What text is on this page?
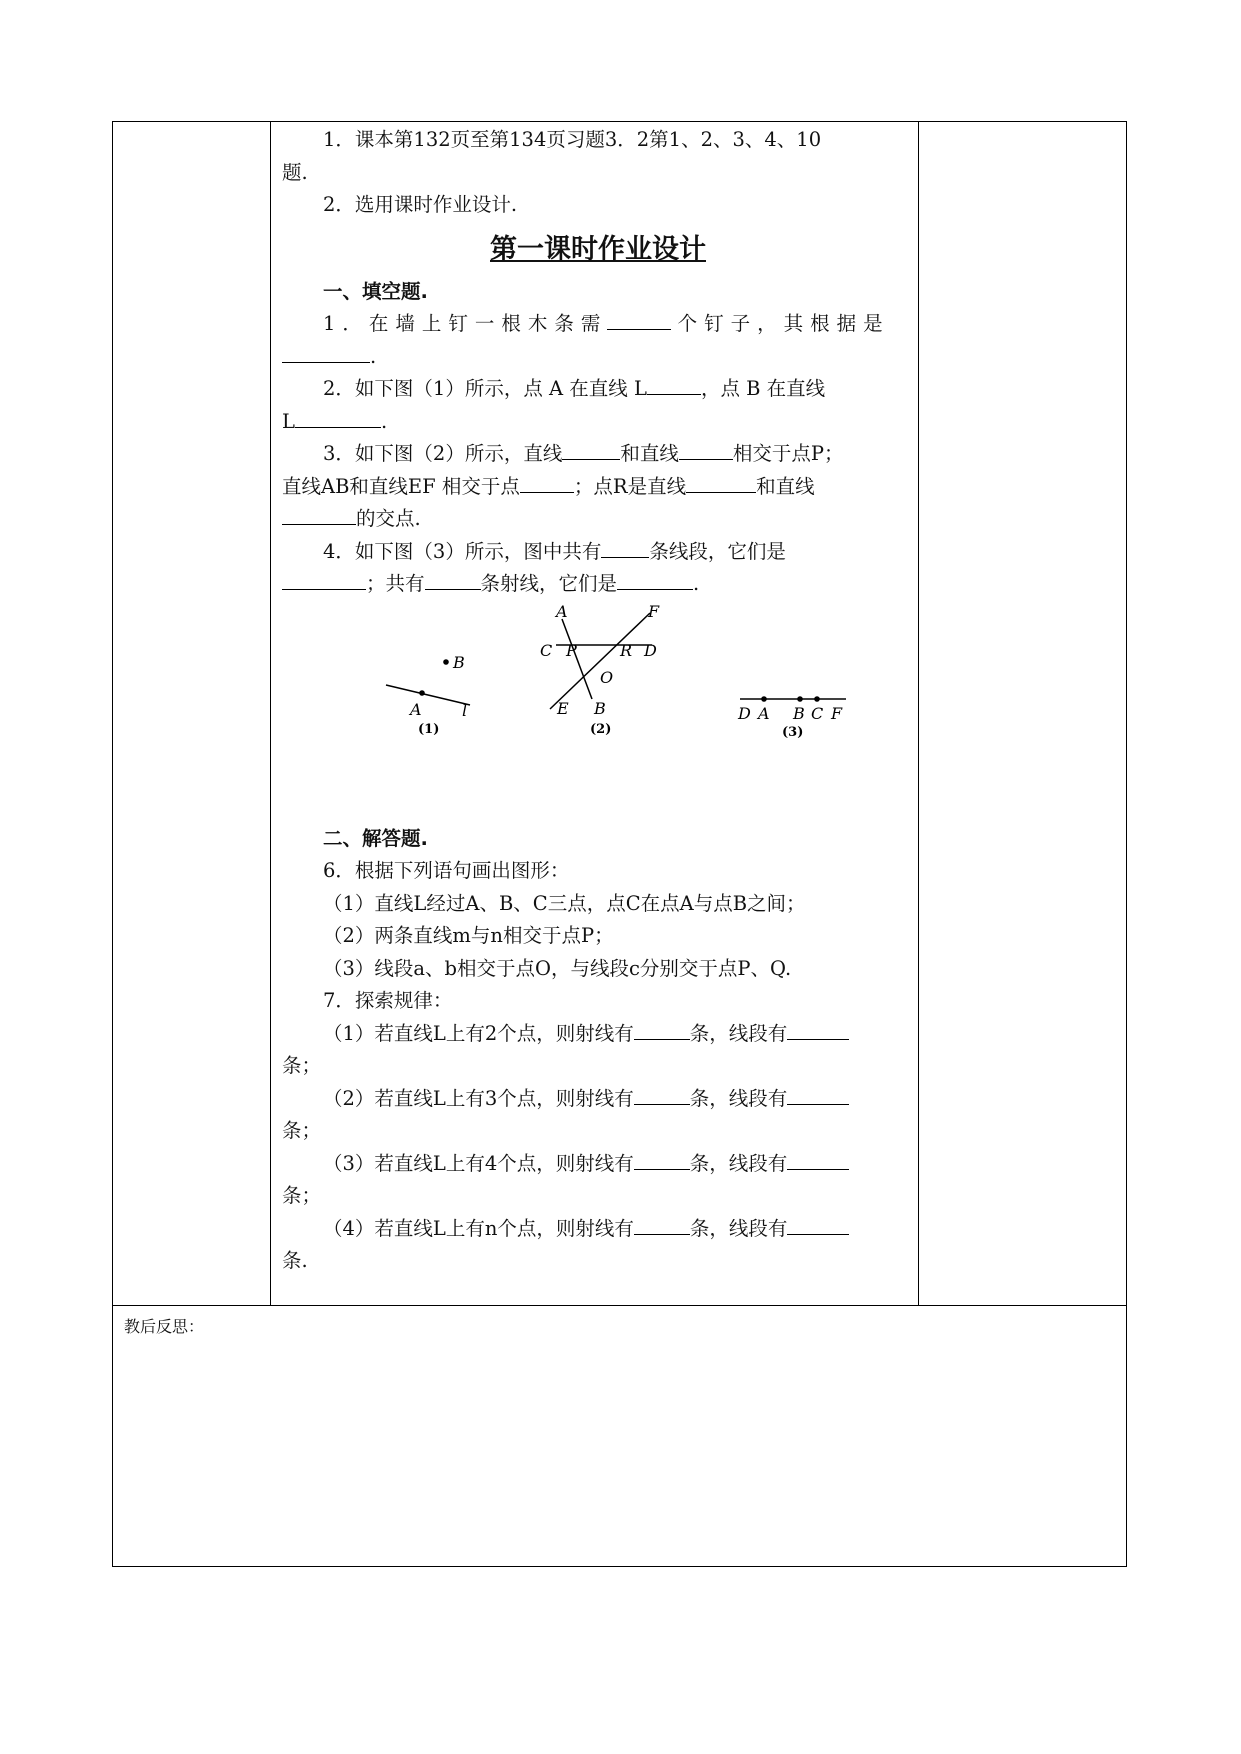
1．课本第132页至第134页习题3．2第1、2、3、4、10

题.

2．选用课时作业设计.

第一课时作业设计

一、填空题.

1．在墙上钉一根木条需	个钉子，其根据是

.

2．如下图（1）所示，点 A 在直线 L	，点 B 在直线

L	.

3．如下图（2）所示，直线	和直线	相交于点P；

直线AB和直线EF 相交于点	；点R是直线	和直线

的交点.

4．如下图（3）所示，图中共有 条线段，它们是

；共有	条射线，它们是	.

B
A	l
(1)
A	F
C P	R D
O
E B
(2)
D A B C F
(3)

二、解答题.

6．根据下列语句画出图形：

（1）直线L经过A、B、C三点，点C在点A与点B之间；

（2）两条直线m与n相交于点P；

（3）线段a、b相交于点O，与线段c分别交于点P、Q.

7．探索规律：

（1）若直线L上有2个点，则射线有	条，线段有

条；

（2）若直线L上有3个点，则射线有	条，线段有

条；

（3）若直线L上有4个点，则射线有	条，线段有

条；

（4）若直线L上有n个点，则射线有	条，线段有

条.

教后反思：
